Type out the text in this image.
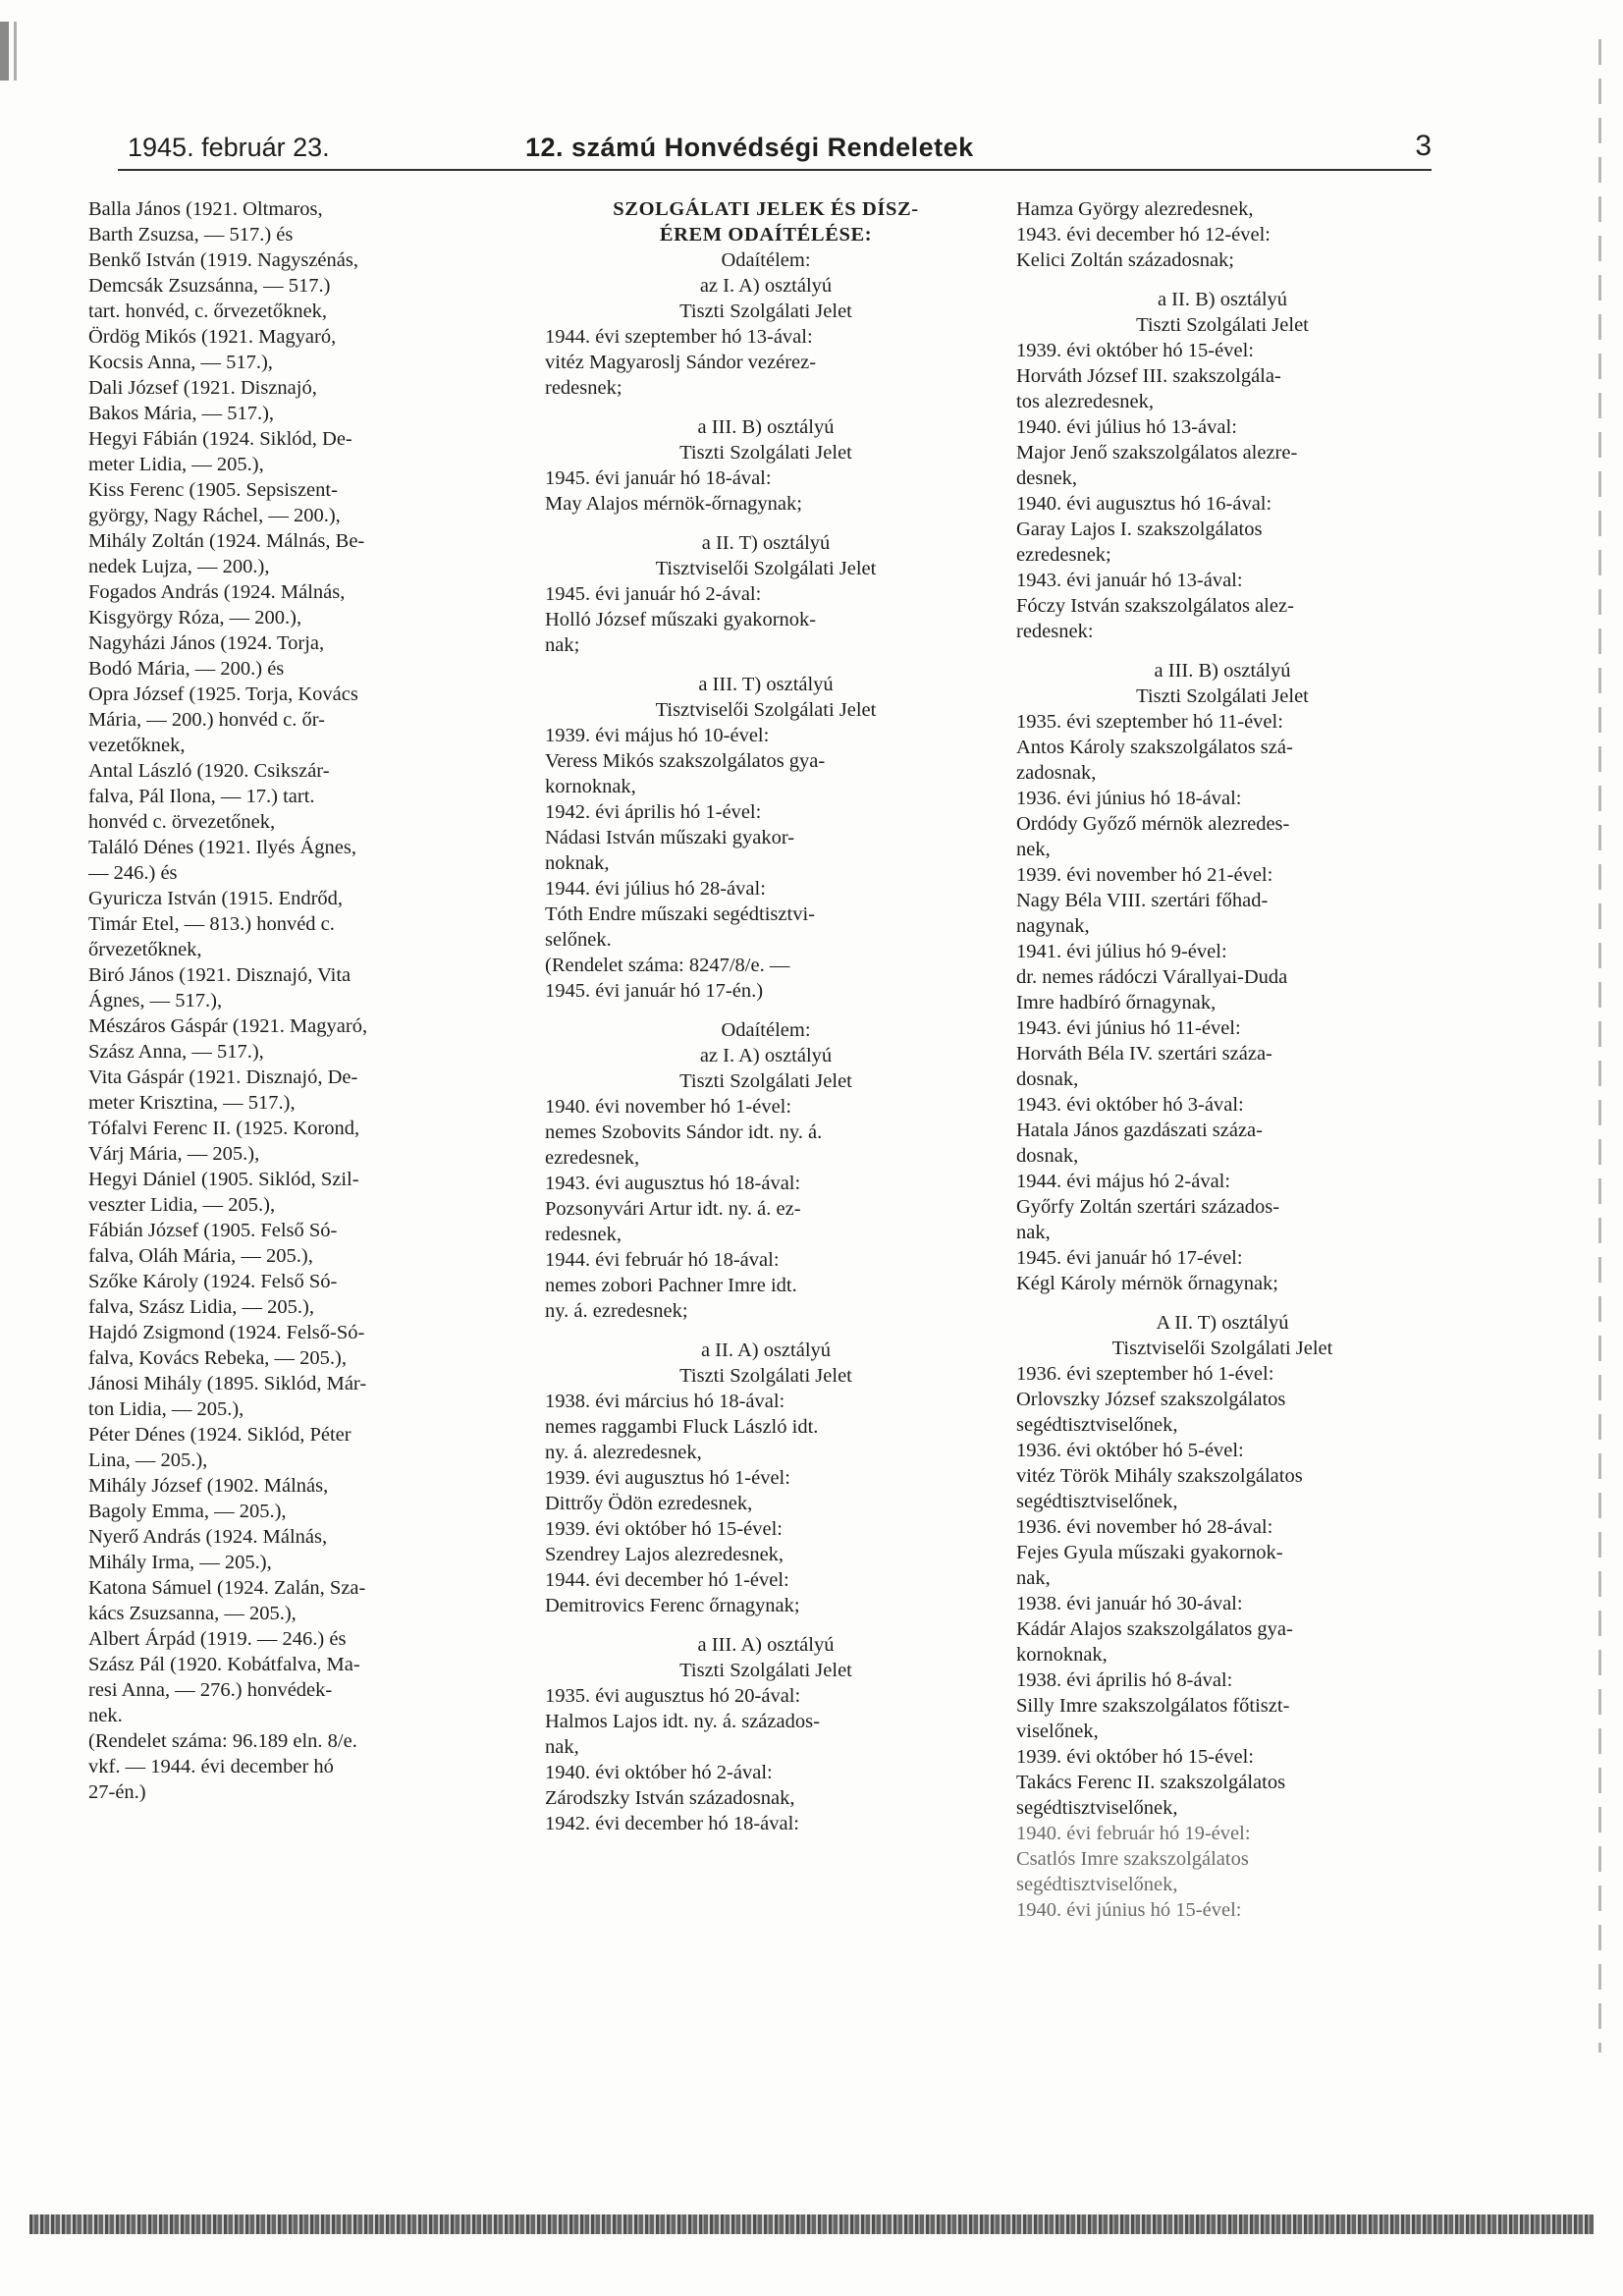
1945. február 23.	12. számú Honvédségi Rendeletek	3
Balla János (1921. Oltmaros,
Barth Zsuzsa, — 517.) és
Benkő István (1919. Nagyszénás,
Demcsák Zsuzsánna, — 517.)
tart. honvéd, c. őrvezetőknek,
Ördög Mikós (1921. Magyaró,
Kocsis Anna, — 517.),
Dali József (1921. Disznajó,
Bakos Mária, — 517.),
Hegyi Fábián (1924. Siklód, De-
meter Lidia, — 205.),
Kiss Ferenc (1905. Sepsiszent-
györgy, Nagy Ráchel, — 200.),
Mihály Zoltán (1924. Málnás, Be-
nedek Lujza, — 200.),
Fogados András (1924. Málnás,
Kisgyörgy Róza, — 200.),
Nagyházi János (1924. Torja,
Bodó Mária, — 200.) és
Opra József (1925. Torja, Kovács
Mária, — 200.) honvéd c. őr-
vezetőknek,
Antal László (1920. Csikszár-
falva, Pál Ilona, — 17.) tart.
honvéd c. örvezetőnek,
Találó Dénes (1921. Ilyés Ágnes,
— 246.) és
Gyuricza István (1915. Endrőd,
Timár Etel, — 813.) honvéd c.
őrvezetőknek,
Biró János (1921. Disznajó, Vita
Ágnes, — 517.),
Mészáros Gáspár (1921. Magyaró,
Szász Anna, — 517.),
Vita Gáspár (1921. Disznajó, De-
meter Krisztina, — 517.),
Tófalvi Ferenc II. (1925. Korond,
Várj Mária, — 205.),
Hegyi Dániel (1905. Siklód, Szil-
veszter Lidia, — 205.),
Fábián József (1905. Felső Só-
falva, Oláh Mária, — 205.),
Szőke Károly (1924. Felső Só-
falva, Szász Lidia, — 205.),
Hajdó Zsigmond (1924. Felső-Só-
falva, Kovács Rebeka, — 205.),
Jánosi Mihály (1895. Siklód, Már-
ton Lidia, — 205.),
Péter Dénes (1924. Siklód, Péter
Lina, — 205.),
Mihály József (1902. Málnás,
Bagoly Emma, — 205.),
Nyerő András (1924. Málnás,
Mihály Irma, — 205.),
Katona Sámuel (1924. Zalán, Sza-
kács Zsuzsanna, — 205.),
Albert Árpád (1919. — 246.) és
Szász Pál (1920. Kobátfalva, Ma-
resi Anna, — 276.) honvédek-
nek.
(Rendelet száma: 96.189 eln. 8/e.
vkf. — 1944. évi december hó
27-én.)
SZOLGÁLATI JELEK ÉS DÍSZ-
ÉREM ODAÍTÉLÉSE:
Odaítélem:
az I. A) osztályú
Tiszti Szolgálati Jelet
1944. évi szeptember hó 13-ával:
vitéz Magyaroslj Sándor vezérez-
redesnek;
a III. B) osztályú
Tiszti Szolgálati Jelet
1945. évi január hó 18-ával:
May Alajos mérnök-őrnagynak;
a II. T) osztályú
Tisztviselői Szolgálati Jelet
1945. évi január hó 2-ával:
Holló József műszaki gyakornok-
nak;
a III. T) osztályú
Tisztviselői Szolgálati Jelet
1939. évi május hó 10-ével:
Veress Mikós szakszolgálatos gya-
kornoknak,
1942. évi április hó 1-ével:
Nádasi István műszaki gyakor-
noknak,
1944. évi július hó 28-ával:
Tóth Endre műszaki segédtisztvi-
selőnek.
(Rendelet száma: 8247/8/e. —
1945. évi január hó 17-én.)
Odaítélem:
az I. A) osztályú
Tiszti Szolgálati Jelet
1940. évi november hó 1-ével:
nemes Szobovits Sándor idt. ny. á.
ezredesnek,
1943. évi augusztus hó 18-ával:
Pozsonyvári Artur idt. ny. á. ez-
redesnek,
1944. évi február hó 18-ával:
nemes zobori Pachner Imre idt.
ny. á. ezredesnek;
a II. A) osztályú
Tiszti Szolgálati Jelet
1938. évi március hó 18-ával:
nemes raggambi Fluck László idt.
ny. á. alezredesnek,
1939. évi augusztus hó 1-ével:
Dittrőy Ödön ezredesnek,
1939. évi október hó 15-ével:
Szendrey Lajos alezredesnek,
1944. évi december hó 1-ével:
Demitrovics Ferenc őrnagynak;
a III. A) osztályú
Tiszti Szolgálati Jelet
1935. évi augusztus hó 20-ával:
Halmos Lajos idt. ny. á. százados-
nak,
1940. évi október hó 2-ával:
Zárodszky István századosnak,
1942. évi december hó 18-ával:
Hamza György alezredesnek,
1943. évi december hó 12-ével:
Kelici Zoltán századosnak;
a II. B) osztályú
Tiszti Szolgálati Jelet
1939. évi október hó 15-ével:
Horváth József III. szakszolgála-
tos alezredesnek,
1940. évi július hó 13-ával:
Major Jenő szakszolgálatos alezre-
desnek,
1940. évi augusztus hó 16-ával:
Garay Lajos I. szakszolgálatos
ezredesnek;
1943. évi január hó 13-ával:
Fóczy István szakszolgálatos alez-
redesnek:
a III. B) osztályú
Tiszti Szolgálati Jelet
1935. évi szeptember hó 11-ével:
Antos Károly szakszolgálatos szá-
zadosnak,
1936. évi június hó 18-ával:
Ordódy Győző mérnök alezredes-
nek,
1939. évi november hó 21-ével:
Nagy Béla VIII. szertári főhad-
nagynak,
1941. évi július hó 9-ével:
dr. nemes rádóczi Várallyai-Duda
Imre hadbíró őrnagynak,
1943. évi június hó 11-ével:
Horváth Béla IV. szertári száza-
dosnak,
1943. évi október hó 3-ával:
Hatala János gazdászati száza-
dosnak,
1944. évi május hó 2-ával:
Győrfy Zoltán szertári százados-
nak,
1945. évi január hó 17-ével:
Kégl Károly mérnök őrnagynak;
A II. T) osztályú
Tisztviselői Szolgálati Jelet
1936. évi szeptember hó 1-ével:
Orlovszky József szakszolgálatos
segédtisztviselőnek,
1936. évi október hó 5-ével:
vitéz Török Mihály szakszolgálatos
segédtisztviselőnek,
1936. évi november hó 28-ával:
Fejes Gyula műszaki gyakornok-
nak,
1938. évi január hó 30-ával:
Kádár Alajos szakszolgálatos gya-
kornoknak,
1938. évi április hó 8-ával:
Silly Imre szakszolgálatos főtiszt-
viselőnek,
1939. évi október hó 15-ével:
Takács Ferenc II. szakszolgálatos
segédtisztviselőnek,
1940. évi február hó 19-ével:
Csatlós Imre szakszolgálatos
segédtisztviselőnek,
1940. évi június hó 15-ével:
